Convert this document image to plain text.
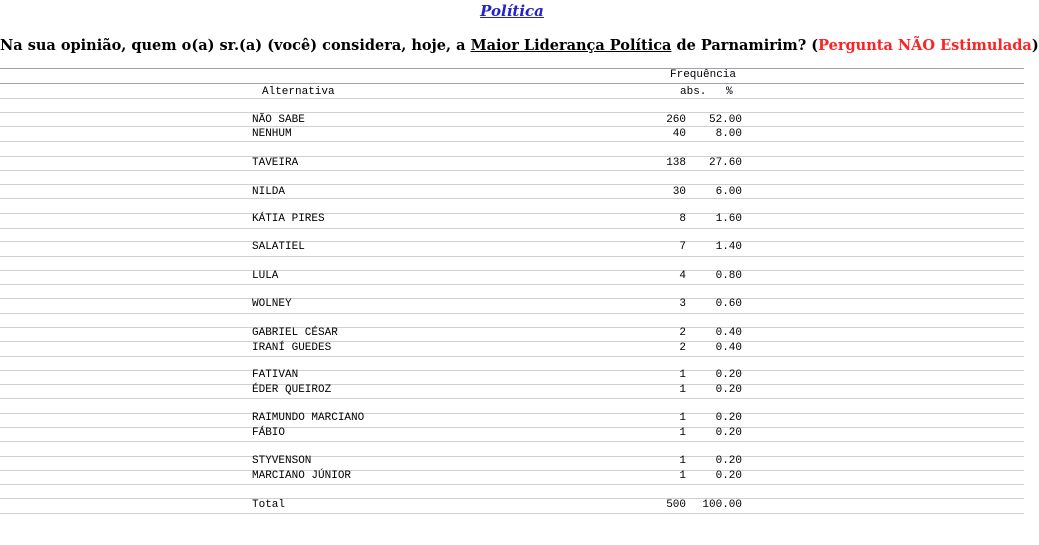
Política
Na sua opinião, quem o(a) sr.(a) (você) considera, hoje, a Maior Liderança Política de Parnamirim? (Pergunta NÃO Estimulada)
Frequência
Alternativa	abs. %
NÃO SABE	260	52.00
NENHUM	40	8.00
TAVEIRA	138	27.60
NILDA	30	6.00
KÁTIA PIRES	8	1.60
SALATIEL	7	1.40
LULA	4	0.80
WOLNEY	3	0.60
GABRIEL CÉSAR	2	0.40
IRANÍ GUEDES	2	0.40
FATIVAN	1	0.20
ÉDER QUEIROZ	1	0.20
RAIMUNDO MARCIANO	1	0.20
FÁBIO	1	0.20
STYVENSON	1	0.20
MARCIANO JÚNIOR	1	0.20
Total	500	100.00
